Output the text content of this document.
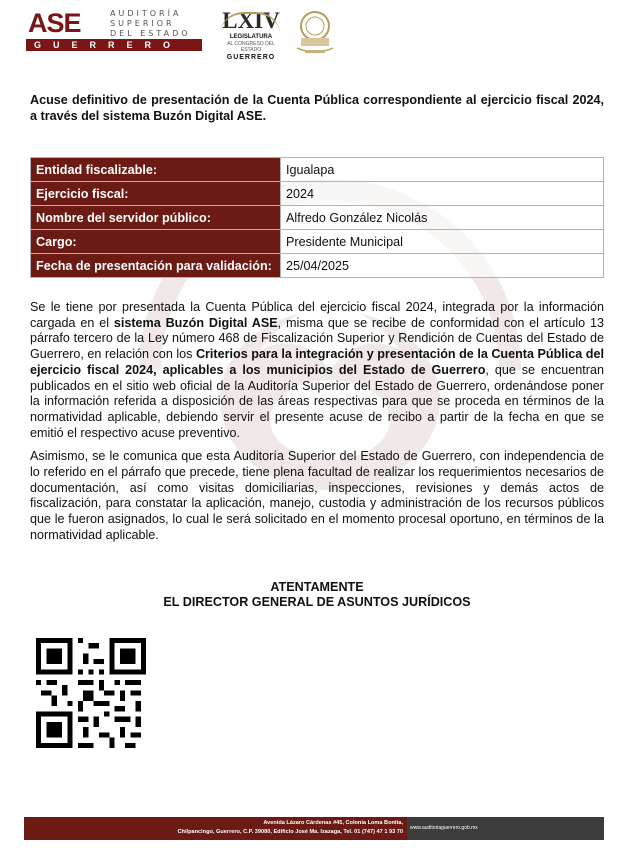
ASE	AUDITORÍA
SUPERIOR
DEL ESTADO
GUERRERO
LXIV
LEGISLATURA
AL CONGRESO DEL ESTADO
GUERRERO
Acuse definitivo de presentación de la Cuenta Pública correspondiente al ejercicio fiscal 2024, a través del sistema Buzón Digital ASE.
Entidad fiscalizable:	Igualapa
Ejercicio fiscal:	2024
Nombre del servidor público:	Alfredo González Nicolás
Cargo:	Presidente Municipal
Fecha de presentación para validación:	25/04/2025

Se le tiene por presentada la Cuenta Pública del ejercicio fiscal 2024, integrada por la información cargada en el sistema Buzón Digital ASE, misma que se recibe de conformidad con el artículo 13 párrafo tercero de la Ley número 468 de Fiscalización Superior y Rendición de Cuentas del Estado de Guerrero, en relación con los Criterios para la integración y presentación de la Cuenta Pública del ejercicio fiscal 2024, aplicables a los municipios del Estado de Guerrero, que se encuentran publicados en el sitio web oficial de la Auditoría Superior del Estado de Guerrero, ordenándose poner la información referida a disposición de las áreas respectivas para que se proceda en términos de la normatividad aplicable, debiendo servir el presente acuse de recibo a partir de la fecha en que se emitió el respectivo acuse preventivo.

Asimismo, se le comunica que esta Auditoría Superior del Estado de Guerrero, con independencia de lo referido en el párrafo que precede, tiene plena facultad de realizar los requerimientos necesarios de documentación, así como visitas domiciliarias, inspecciones, revisiones y demás actos de fiscalización, para constatar la aplicación, manejo, custodia y administración de los recursos públicos que le fueron asignados, lo cual le será solicitado en el momento procesal oportuno, en términos de la normatividad aplicable.

ATENTAMENTE
EL DIRECTOR GENERAL DE ASUNTOS JURÍDICOS
Avenida Lázaro Cárdenas #45, Colonia Loma Bonita,
Chilpancingo, Guerrero, C.P. 39080, Edificio José Ma. Izazaga, Tel. 01 (747) 47 1 93 70
www.auditoriaguerrero.gob.mx
